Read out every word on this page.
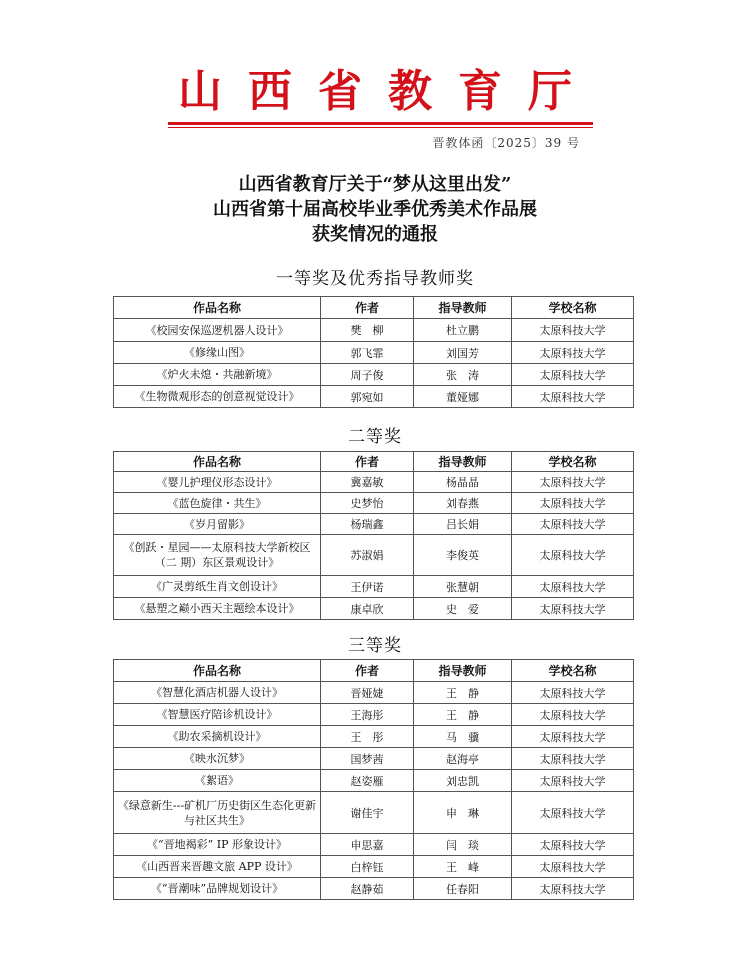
山西省教育厅
晋教体函〔2025〕39 号
山西省教育厅关于“梦从这里出发”
山西省第十届高校毕业季优秀美术作品展
获奖情况的通报
一等奖及优秀指导教师奖
作品名称	作者	指导教师	学校名称
《校园安保巡逻机器人设计》	樊　柳	杜立鹏	太原科技大学
《修缘山图》	郭飞霏	刘国芳	太原科技大学
《炉火未熄・共融新境》	周子俊	张　涛	太原科技大学
《生物微观形态的创意视觉设计》	郭宛如	董娅娜	太原科技大学
二等奖
作品名称	作者	指导教师	学校名称
《婴儿护理仪形态设计》	冀嘉敏	杨晶晶	太原科技大学
《蓝色旋律・共生》	史梦怡	刘春燕	太原科技大学
《岁月留影》	杨瑞鑫	吕长娟	太原科技大学
《创跃・星园——太原科技大学新校区（二 期）东区景观设计》	苏淑娟	李俊英	太原科技大学
《广灵剪纸生肖文创设计》	王伊诺	张慧朝	太原科技大学
《悬塑之巅小西天主题绘本设计》	康卓欣	史　爱	太原科技大学
三等奖
作品名称	作者	指导教师	学校名称
《智慧化酒店机器人设计》	晋娅婕	王　静	太原科技大学
《智慧医疗陪诊机设计》	王海彤	王　静	太原科技大学
《助农采摘机设计》	王　彤	马　骥	太原科技大学
《映水沉梦》	国梦茜	赵海亭	太原科技大学
《絮语》	赵姿雁	刘忠凯	太原科技大学
《绿意新生---矿机厂历史街区生态化更新 与社区共生》	谢佳宇	申　琳	太原科技大学
《“晋地褐彩” IP 形象设计》	申思嘉	闫　琰	太原科技大学
《山西晋来晋趣文旅 APP 设计》	白梓钰	王　峰	太原科技大学
《“晋潮味”品牌规划设计》	赵静茹	任春阳	太原科技大学
